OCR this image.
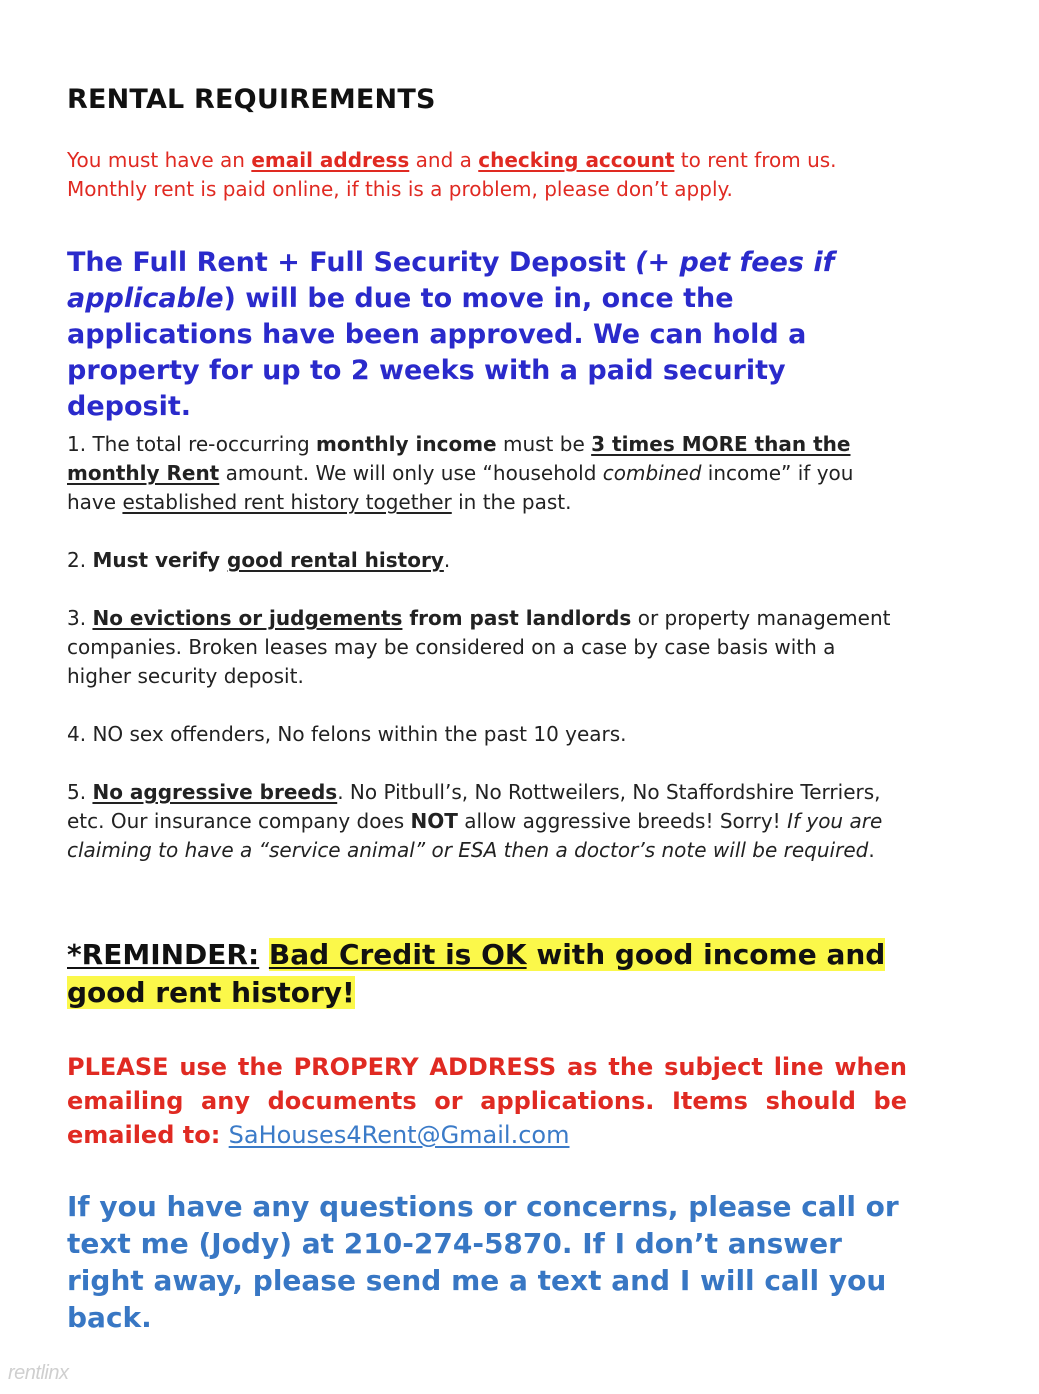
RENTAL REQUIREMENTS
You must have an email address and a checking account to rent from us.
Monthly rent is paid online, if this is a problem, please don’t apply.
The Full Rent + Full Security Deposit (+ pet fees if
applicable) will be due to move in, once the applications have been approved. We can hold a property for up to 2 weeks with a paid security deposit.
1. The total re-occurring monthly income must be 3 times MORE than the monthly Rent amount. We will only use “household combined income” if you have established rent history together in the past.
2. Must verify good rental history.
3. No evictions or judgements from past landlords or property management companies. Broken leases may be considered on a case by case basis with a higher security deposit.
4. NO sex offenders, No felons within the past 10 years.
5. No aggressive breeds. No Pitbull’s, No Rottweilers, No Staffordshire Terriers, etc. Our insurance company does NOT allow aggressive breeds! Sorry! If you are claiming to have a “service animal” or ESA then a doctor’s note will be required.
*REMINDER: Bad Credit is OK with good income and good rent history!
PLEASE use the PROPERY ADDRESS as the subject line when emailing any documents or applications. Items should be emailed to: SaHouses4Rent@Gmail.com
If you have any questions or concerns, please call or text me (Jody) at 210-274-5870. If I don’t answer right away, please send me a text and I will call you back.
rentlinx
